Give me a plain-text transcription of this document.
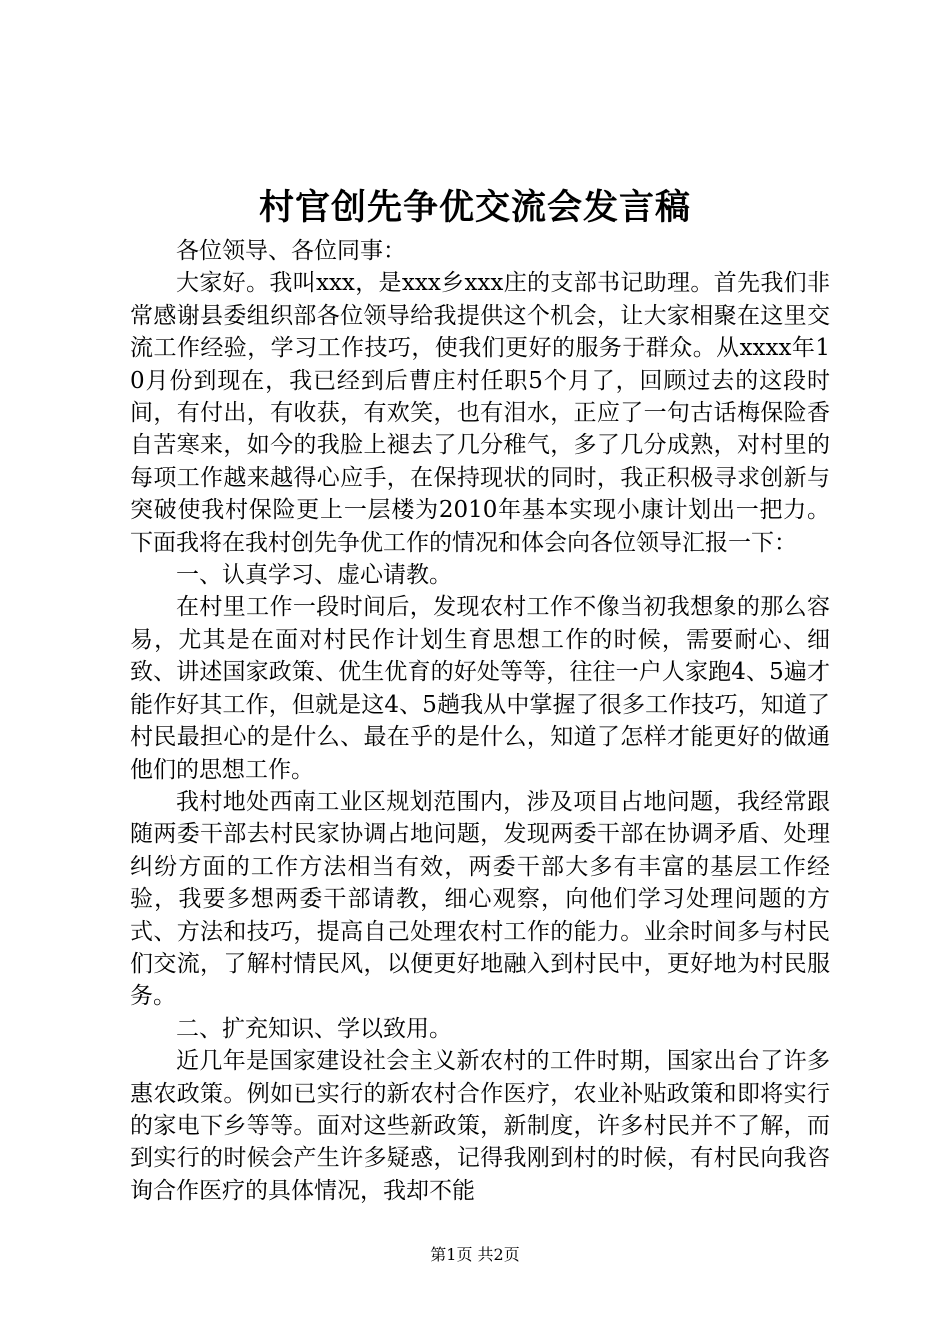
村官创先争优交流会发言稿

各位领导、各位同事：

大家好。我叫xxx，是xxx乡xxx庄的支部书记助理。首先我们非常感谢县委组织部各位领导给我提供这个机会，让大家相聚在这里交流工作经验，学习工作技巧，使我们更好的服务于群众。从xxxx年10月份到现在，我已经到后曹庄村任职5个月了，回顾过去的这段时间，有付出，有收获，有欢笑，也有泪水，正应了一句古话梅保险香自苦寒来，如今的我脸上褪去了几分稚气，多了几分成熟，对村里的每项工作越来越得心应手，在保持现状的同时，我正积极寻求创新与突破使我村保险更上一层楼为2010年基本实现小康计划出一把力。下面我将在我村创先争优工作的情况和体会向各位领导汇报一下：

一、认真学习、虚心请教。

在村里工作一段时间后，发现农村工作不像当初我想象的那么容易，尤其是在面对村民作计划生育思想工作的时候，需要耐心、细致、讲述国家政策、优生优育的好处等等，往往一户人家跑4、5遍才能作好其工作，但就是这4、5趟我从中掌握了很多工作技巧，知道了村民最担心的是什么、最在乎的是什么，知道了怎样才能更好的做通他们的思想工作。

我村地处西南工业区规划范围内，涉及项目占地问题，我经常跟随两委干部去村民家协调占地问题，发现两委干部在协调矛盾、处理纠纷方面的工作方法相当有效，两委干部大多有丰富的基层工作经验，我要多想两委干部请教，细心观察，向他们学习处理问题的方式、方法和技巧，提高自己处理农村工作的能力。业余时间多与村民们交流，了解村情民风，以便更好地融入到村民中，更好地为村民服务。

二、扩充知识、学以致用。

近几年是国家建设社会主义新农村的工件时期，国家出台了许多惠农政策。例如已实行的新农村合作医疗，农业补贴政策和即将实行的家电下乡等等。面对这些新政策，新制度，许多村民并不了解，而到实行的时候会产生许多疑惑，记得我刚到村的时候，有村民向我咨询合作医疗的具体情况，我却不能

第1页 共2页
